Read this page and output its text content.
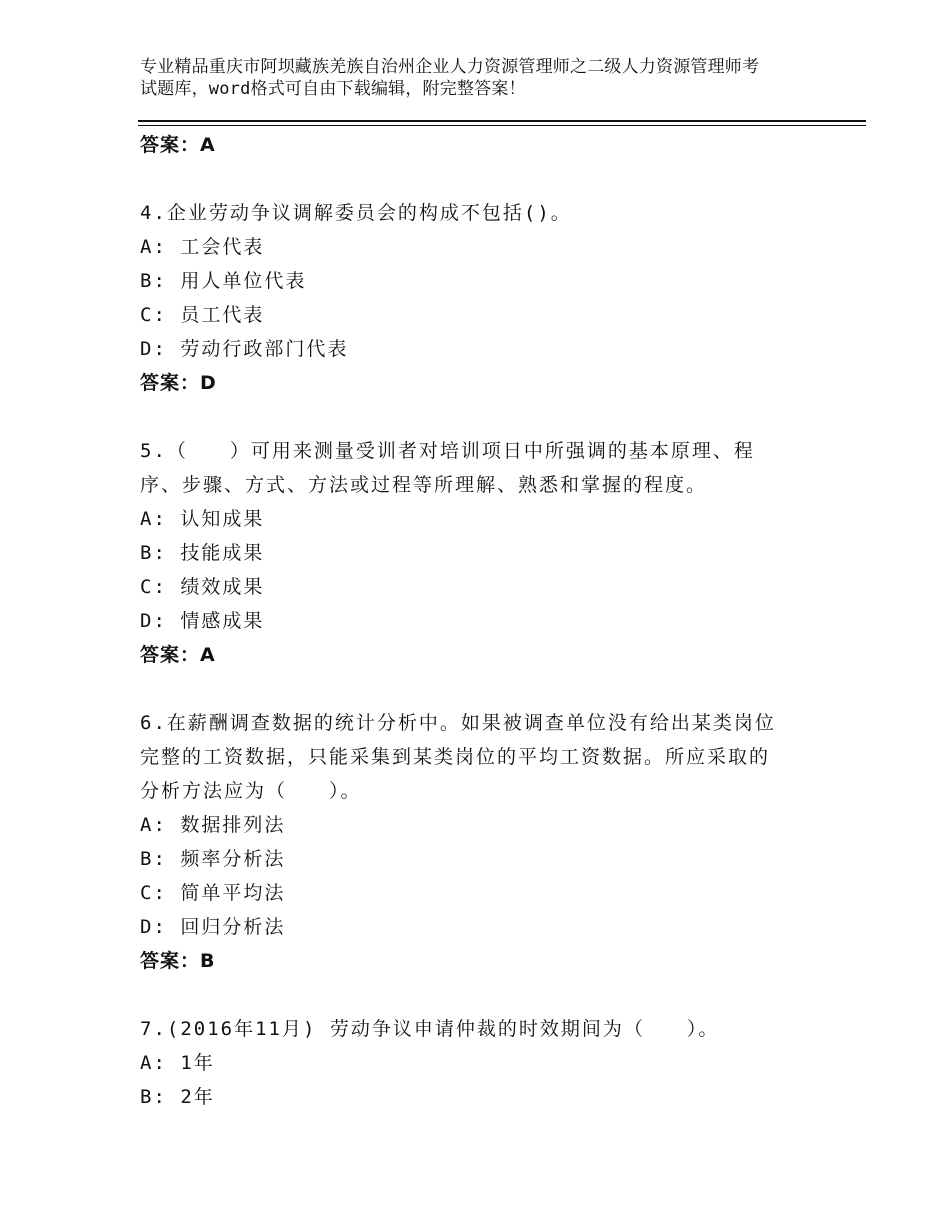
专业精品重庆市阿坝藏族羌族自治州企业人力资源管理师之二级人力资源管理师考
试题库，word格式可自由下载编辑，附完整答案！
答案：A
4.企业劳动争议调解委员会的构成不包括()。
A: 工会代表
B: 用人单位代表
C: 员工代表
D: 劳动行政部门代表
答案：D
5.（　　）可用来测量受训者对培训项日中所强调的基本原理、程
序、步骤、方式、方法或过程等所理解、熟悉和掌握的程度。
A: 认知成果
B: 技能成果
C: 绩效成果
D: 情感成果
答案：A
6.在薪酬调查数据的统计分析中。如果被调查单位没有给出某类岗位
完整的工资数据，只能采集到某类岗位的平均工资数据。所应采取的
分析方法应为（　　）。
A: 数据排列法
B: 频率分析法
C: 简单平均法
D: 回归分析法
答案：B
7.(2016年11月) 劳动争议申请仲裁的时效期间为（　　）。
A: 1年
B: 2年
